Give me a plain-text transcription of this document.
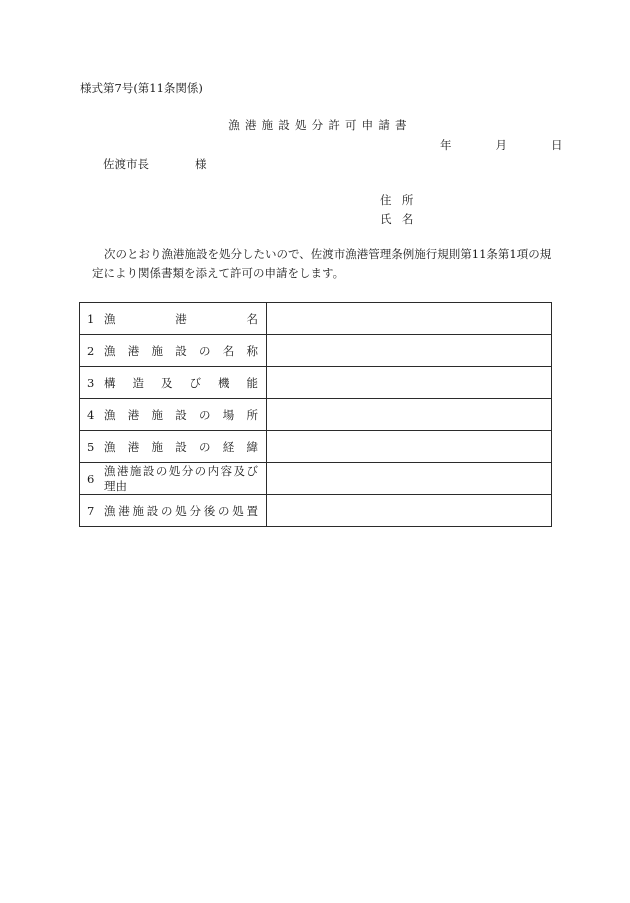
様式第7号(第11条関係)
漁港施設処分許可申請書
年	月	日
佐渡市長	様
住所
氏名
次のとおり漁港施設を処分したいので、佐渡市漁港管理条例施行規則第11条第1項の規
定により関係書類を添えて許可の申請をします。
1 漁港名	

2 漁港施設の名称	

3 構造及び機能	

4 漁港施設の場所	

5 漁港施設の経緯	

6
漁港施設の処分の内容及び
理由	

7 漁港施設の処分後の処置	
